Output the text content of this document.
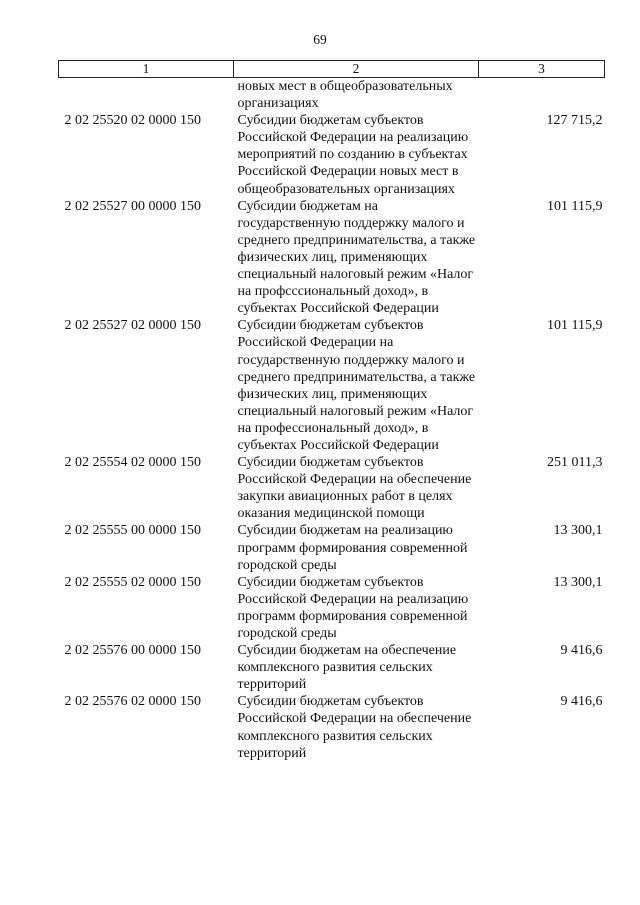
69
1	2	3
	новых мест в общеобразовательных организациях	
2 02 25520 02 0000 150	Субсидии бюджетам субъектов Российской Федерации на реализацию мероприятий по созданию в субъектах Российской Федерации новых мест в общеобразовательных организациях	127 715,2
2 02 25527 00 0000 150	Субсидии бюджетам на государственную поддержку малого и среднего предпринимательства, а также физических лиц, применяющих специальный налоговый режим «Налог на профсссиональный доход», в субъектах Российской Федерации	101 115,9
2 02 25527 02 0000 150	Субсидии бюджетам субъектов Российской Федерации на государственную поддержку малого и среднего предпринимательства, а также физических лиц, применяющих специальный налоговый режим «Налог на профессиональный доход», в субъектах Российской Федерации	101 115,9
2 02 25554 02 0000 150	Субсидии бюджетам субъектов Российской Федерации на обеспечение закупки авиационных работ в целях оказания медицинской помощи	251 011,3
2 02 25555 00 0000 150	Субсидии бюджетам на реализацию программ формирования современной городской среды	13 300,1
2 02 25555 02 0000 150	Субсидии бюджетам субъектов Российской Федерации на реализацию программ формирования современной городской среды	13 300,1
2 02 25576 00 0000 150	Субсидии бюджетам на обеспечение комплексного развития сельских территорий	9 416,6
2 02 25576 02 0000 150	Субсидии бюджетам субъектов Российской Федерации на обеспечение комплексного развития сельских территорий	9 416,6
